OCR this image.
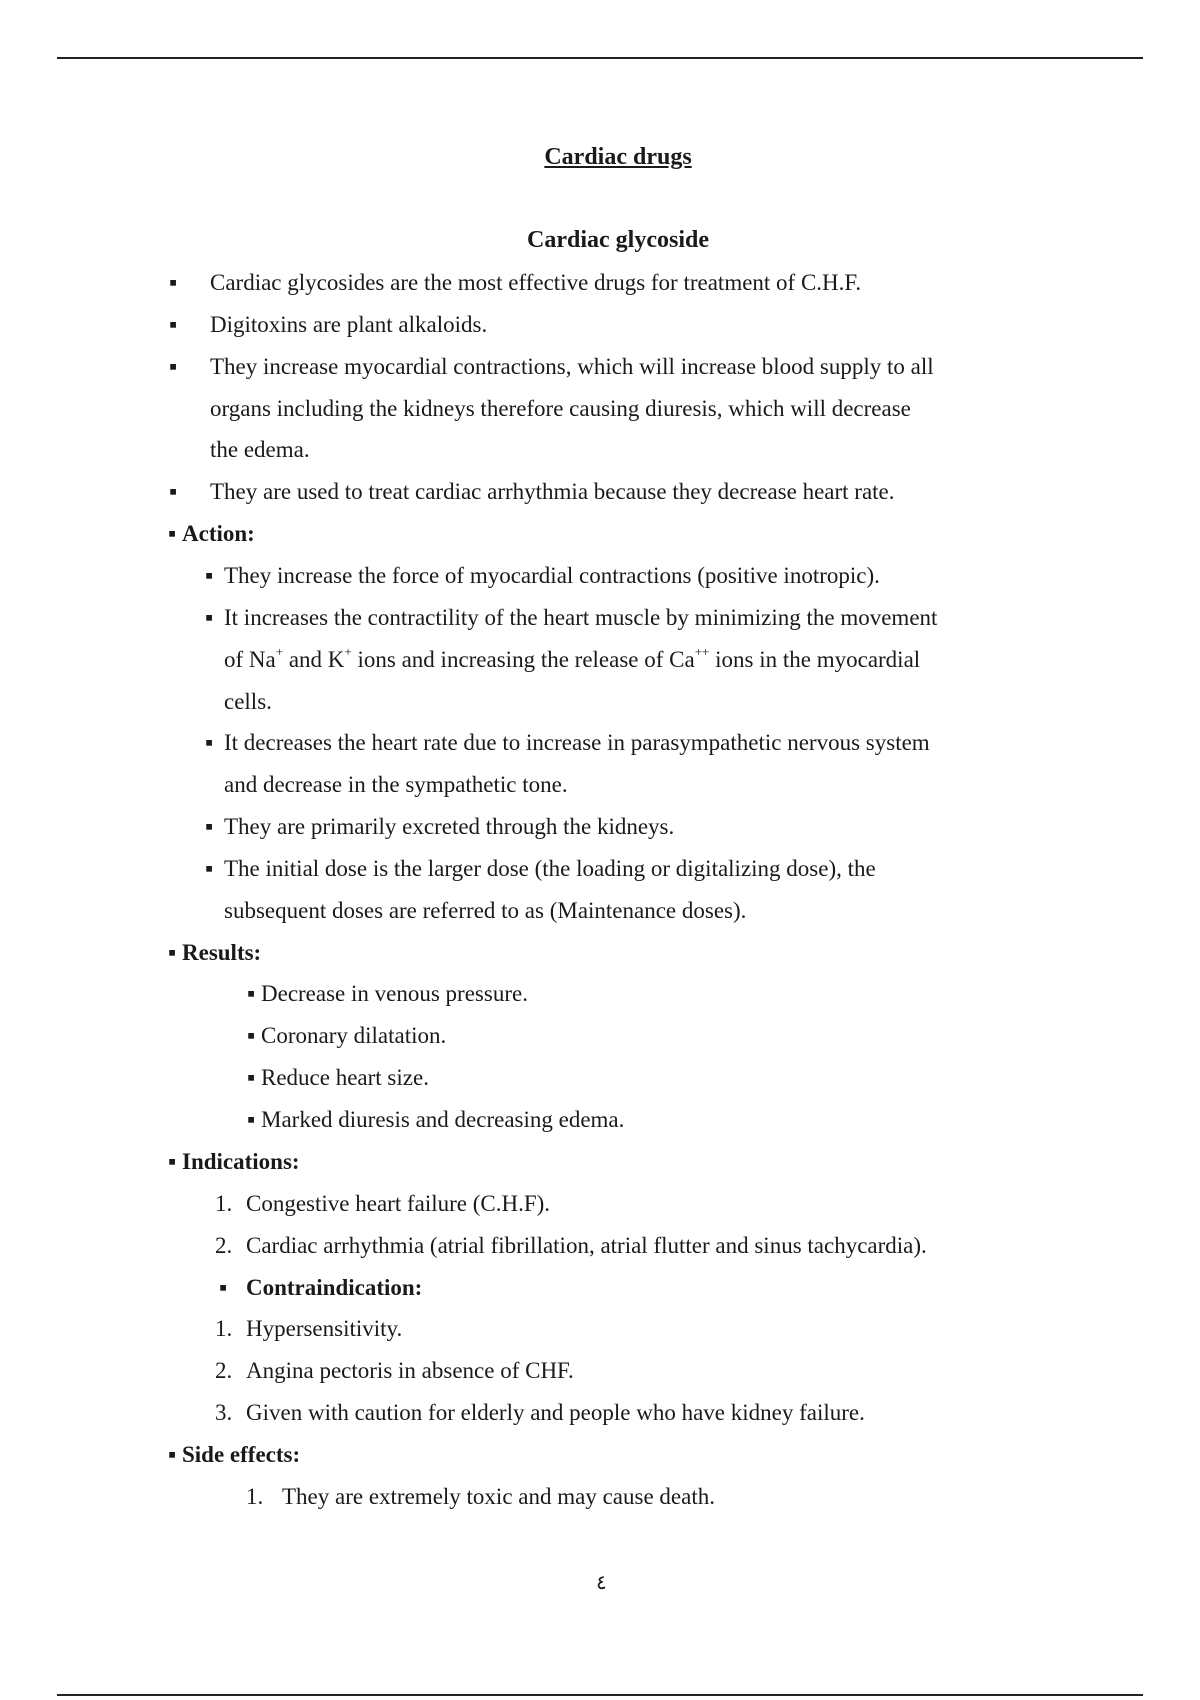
Cardiac drugs
Cardiac glycoside
▪ Cardiac glycosides are the most effective drugs for treatment of C.H.F.
▪ Digitoxins are plant alkaloids.
▪ They increase myocardial contractions, which will increase blood supply to all
organs including the kidneys therefore causing diuresis, which will decrease
the edema.
▪ They are used to treat cardiac arrhythmia because they decrease heart rate.
▪ Action:
▪ They increase the force of myocardial contractions (positive inotropic).
▪ It increases the contractility of the heart muscle by minimizing the movement
of Na+ and K+ ions and increasing the release of Ca++ ions in the myocardial
cells.
▪ It decreases the heart rate due to increase in parasympathetic nervous system
and decrease in the sympathetic tone.
▪ They are primarily excreted through the kidneys.
▪ The initial dose is the larger dose (the loading or digitalizing dose), the
subsequent doses are referred to as (Maintenance doses).
▪ Results:
▪ Decrease in venous pressure.
▪ Coronary dilatation.
▪ Reduce heart size.
▪ Marked diuresis and decreasing edema.
▪ Indications:
1. Congestive heart failure (C.H.F).
2. Cardiac arrhythmia (atrial fibrillation, atrial flutter and sinus tachycardia).
▪ Contraindication:
1. Hypersensitivity.
2. Angina pectoris in absence of CHF.
3. Given with caution for elderly and people who have kidney failure.
▪ Side effects:
1. They are extremely toxic and may cause death.
٤
